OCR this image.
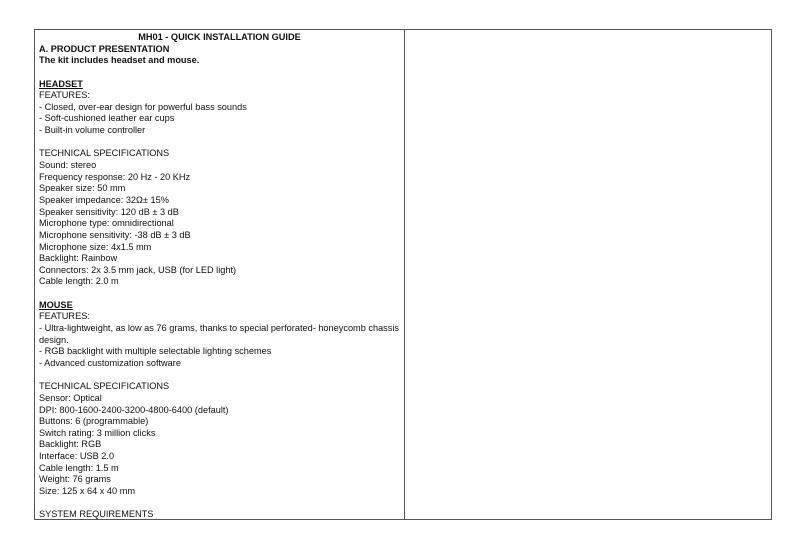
MH01 - QUICK INSTALLATION GUIDE
A. PRODUCT PRESENTATION
The kit includes headset and mouse.
HEADSET
FEATURES:
- Closed, over-ear design for powerful bass sounds
- Soft-cushioned leather ear cups
- Built-in volume controller
TECHNICAL SPECIFICATIONS
Sound: stereo
Frequency response: 20 Hz - 20 KHz
Speaker size: 50 mm
Speaker impedance: 32Ω± 15%
Speaker sensitivity: 120 dB ± 3 dB
Microphone type: omnidirectional
Microphone sensitivity: -38 dB ± 3 dB
Microphone size: 4x1.5 mm
Backlight: Rainbow
Connectors: 2x 3.5 mm jack, USB (for LED light)
Cable length: 2.0 m
MOUSE
FEATURES:
- Ultra-lightweight, as low as 76 grams, thanks to special perforated- honeycomb chassis
design.
- RGB backlight with multiple selectable lighting schemes
- Advanced customization software
TECHNICAL SPECIFICATIONS
Sensor: Optical
DPI: 800-1600-2400-3200-4800-6400 (default)
Buttons: 6 (programmable)
Switch rating: 3 million clicks
Backlight: RGB
Interface: USB 2.0
Cable length: 1.5 m
Weight: 76 grams
Size: 125 x 64 x 40 mm
SYSTEM REQUIREMENTS
